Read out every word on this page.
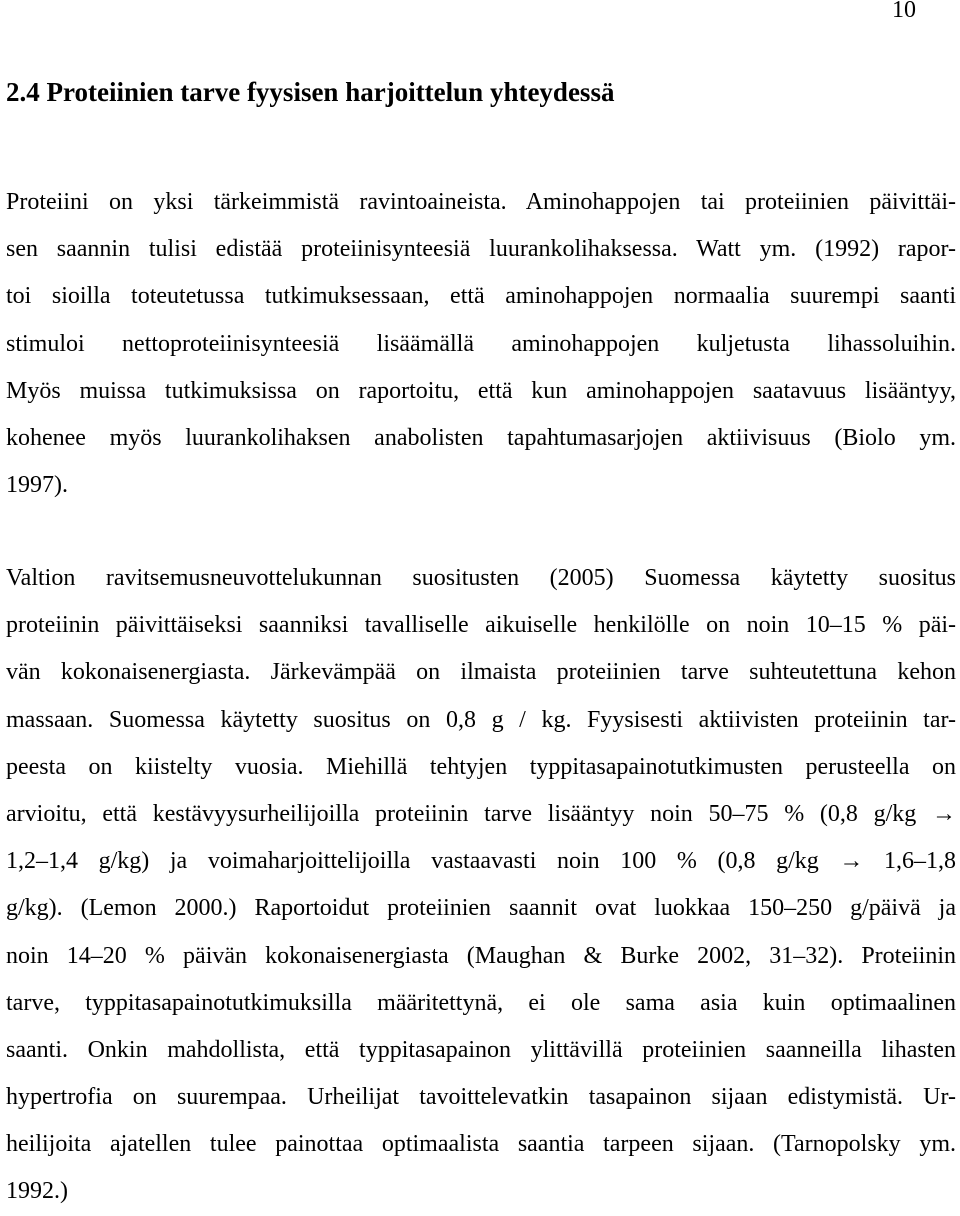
10
2.4 Proteiinien tarve fyysisen harjoittelun yhteydessä
Proteiini on yksi tärkeimmistä ravintoaineista. Aminohappojen tai proteiinien päivittäi-
sen saannin tulisi edistää proteiinisynteesiä luurankolihaksessa. Watt ym. (1992) rapor-
toi sioilla toteutetussa tutkimuksessaan, että aminohappojen normaalia suurempi saanti
stimuloi nettoproteiinisynteesiä lisäämällä aminohappojen kuljetusta lihassoluihin.
Myös muissa tutkimuksissa on raportoitu, että kun aminohappojen saatavuus lisääntyy,
kohenee myös luurankolihaksen anabolisten tapahtumasarjojen aktiivisuus (Biolo ym.
1997).
Valtion ravitsemusneuvottelukunnan suositusten (2005) Suomessa käytetty suositus
proteiinin päivittäiseksi saanniksi tavalliselle aikuiselle henkilölle on noin 10–15 % päi-
vän kokonaisenergiasta. Järkevämpää on ilmaista proteiinien tarve suhteutettuna kehon
massaan. Suomessa käytetty suositus on 0,8 g / kg. Fyysisesti aktiivisten proteiinin tar-
peesta on kiistelty vuosia. Miehillä tehtyjen typpitasapainotutkimusten perusteella on
arvioitu, että kestävyysurheilijoilla proteiinin tarve lisääntyy noin 50–75 % (0,8 g/kg →
1,2–1,4 g/kg) ja voimaharjoittelijoilla vastaavasti noin 100 % (0,8 g/kg → 1,6–1,8
g/kg). (Lemon 2000.) Raportoidut proteiinien saannit ovat luokkaa 150–250 g/päivä ja
noin 14–20 % päivän kokonaisenergiasta (Maughan & Burke 2002, 31–32). Proteiinin
tarve, typpitasapainotutkimuksilla määritettynä, ei ole sama asia kuin optimaalinen
saanti. Onkin mahdollista, että typpitasapainon ylittävillä proteiinien saanneilla lihasten
hypertrofia on suurempaa. Urheilijat tavoittelevatkin tasapainon sijaan edistymistä. Ur-
heilijoita ajatellen tulee painottaa optimaalista saantia tarpeen sijaan. (Tarnopolsky ym.
1992.)
